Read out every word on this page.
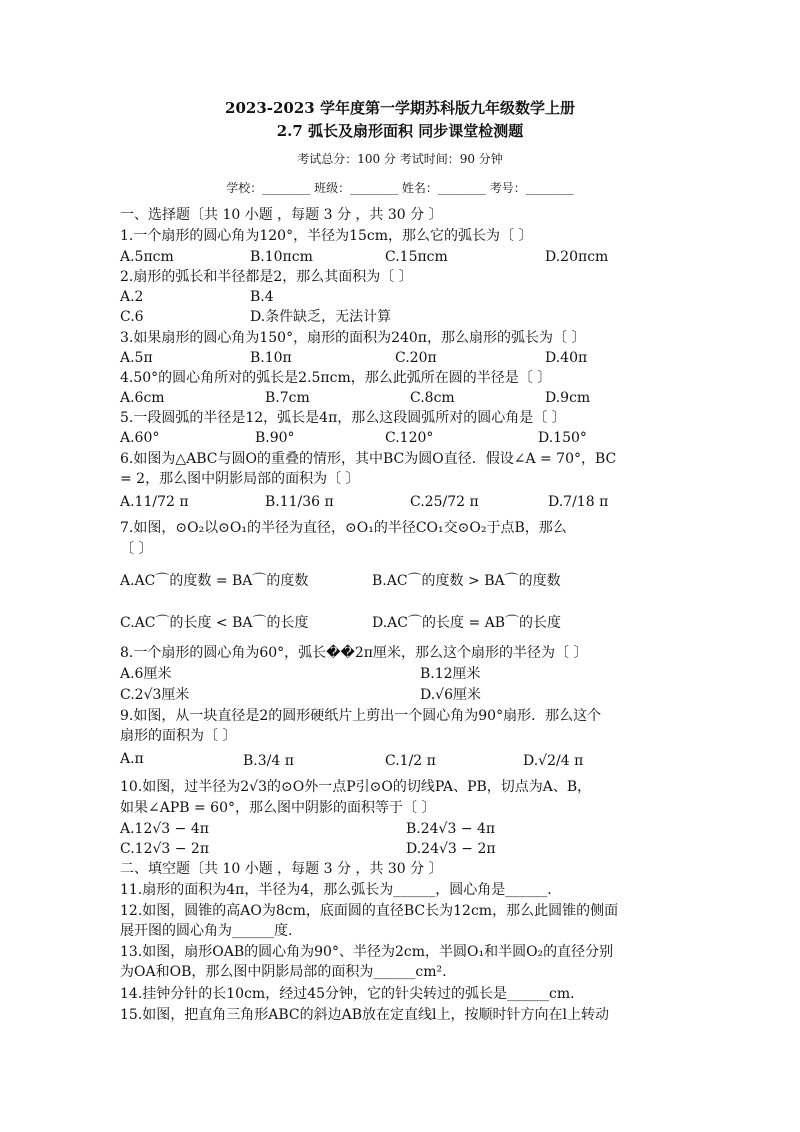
2023-2023 学年度第一学期苏科版九年级数学上册
2.7 弧长及扇形面积 同步课堂检测题
考试总分：100 分 考试时间：90 分钟
学校：________ 班级：________ 姓名：________ 考号：________
一、选择题〔共 10 小题 ，每题 3 分 ，共 30 分 〕
1.一个扇形的圆心角为120°，半径为15cm，那么它的弧长为〔 〕
A.5πcm	B.10πcm	C.15πcm	D.20πcm
2.扇形的弧长和半径都是2，那么其面积为〔 〕
A.2	B.4
C.6	D.条件缺乏，无法计算
3.如果扇形的圆心角为150°，扇形的面积为240π，那么扇形的弧长为〔 〕
A.5π	B.10π	C.20π	D.40π
4.50°的圆心角所对的弧长是2.5πcm，那么此弧所在圆的半径是〔 〕
A.6cm	B.7cm	C.8cm	D.9cm
5.一段圆弧的半径是12，弧长是4π，那么这段圆弧所对的圆心角是〔 〕
A.60°	B.90°	C.120°	D.150°
6.如图为△ABC与圆O的重叠的情形，其中BC为圆O直径．假设∠A = 70°，BC
= 2，那么图中阴影局部的面积为〔 〕
A.11/72 π	B.11/36 π	C.25/72 π	D.7/18 π
7.如图，⊙O₂以⊙O₁的半径为直径，⊙O₁的半径CO₁交⊙O₂于点B，那么
〔 〕
A.AC⌒的度数 = BA⌒的度数	B.AC⌒的度数 > BA⌒的度数
C.AC⌒的长度 < BA⌒的长度	D.AC⌒的长度 = AB⌒的长度
8.一个扇形的圆心角为60°，弧长��2π厘米，那么这个扇形的半径为〔 〕
A.6厘米	B.12厘米
C.2√3厘米	D.√6厘米
9.如图，从一块直径是2的圆形硬纸片上剪出一个圆心角为90°扇形．那么这个
扇形的面积为〔 〕
A.π	B.3/4 π	C.1/2 π	D.√2/4 π
10.如图，过半径为2√3的⊙O外一点P引⊙O的切线PA、PB，切点为A、B，
如果∠APB = 60°，那么图中阴影的面积等于〔 〕
A.12√3 − 4π	B.24√3 − 4π
C.12√3 − 2π	D.24√3 − 2π
二、填空题〔共 10 小题 ，每题 3 分 ，共 30 分 〕
11.扇形的面积为4π，半径为4，那么弧长为______，圆心角是______.
12.如图，圆锥的高AO为8cm，底面圆的直径BC长为12cm，那么此圆锥的侧面
展开图的圆心角为______度.
13.如图，扇形OAB的圆心角为90°、半径为2cm，半圆O₁和半圆O₂的直径分别
为OA和OB，那么图中阴影局部的面积为______cm².
14.挂钟分针的长10cm，经过45分钟，它的针尖转过的弧长是______cm.
15.如图，把直角三角形ABC的斜边AB放在定直线l上，按顺时针方向在l上转动
